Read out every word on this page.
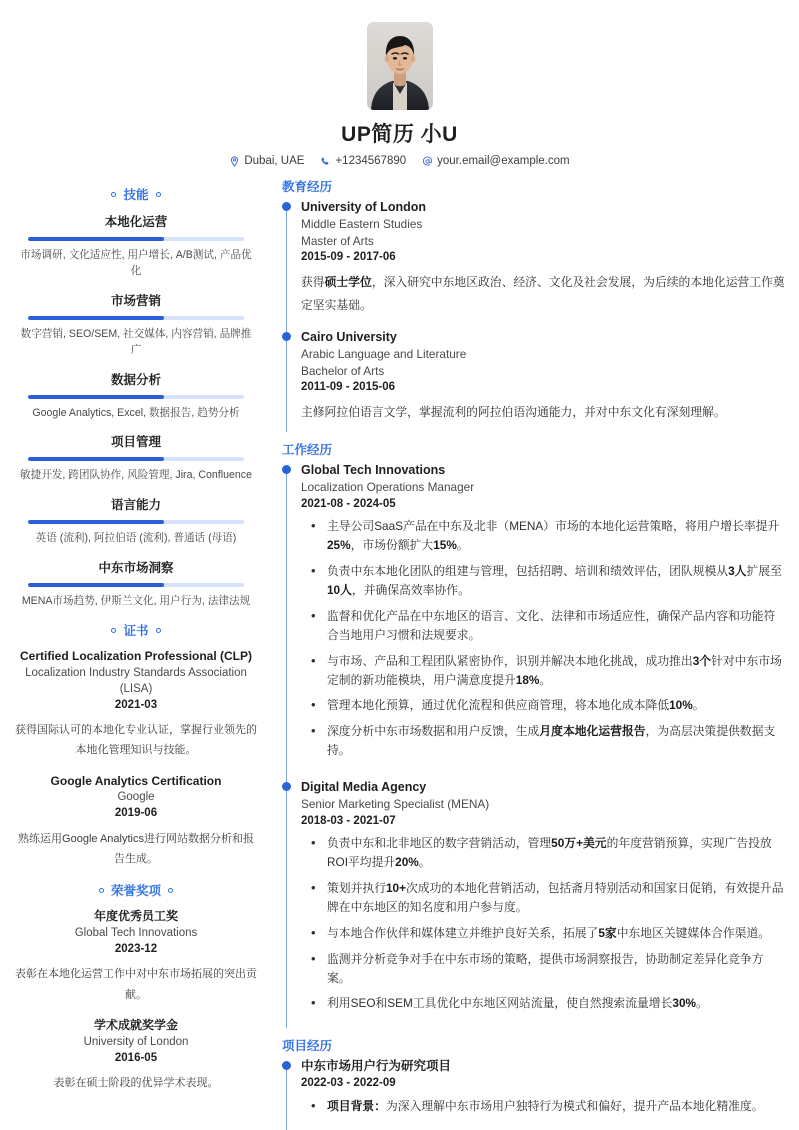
UP简历 小U
Dubai, UAE	+1234567890	your.email@example.com
技能
本地化运营
市场调研, 文化适应性, 用户增长, A/B测试, 产品优化
市场营销
数字营销, SEO/SEM, 社交媒体, 内容营销, 品牌推广
数据分析
Google Analytics, Excel, 数据报告, 趋势分析
项目管理
敏捷开发, 跨团队协作, 风险管理, Jira, Confluence
语言能力
英语 (流利), 阿拉伯语 (流利), 普通话 (母语)
中东市场洞察
MENA市场趋势, 伊斯兰文化, 用户行为, 法律法规
证书
Certified Localization Professional (CLP)
Localization Industry Standards Association (LISA)
2021-03
获得国际认可的本地化专业认证，掌握行业领先的本地化管理知识与技能。
Google Analytics Certification
Google
2019-06
熟练运用Google Analytics进行网站数据分析和报告生成。
荣誉奖项
年度优秀员工奖
Global Tech Innovations
2023-12
表彰在本地化运营工作中对中东市场拓展的突出贡献。
学术成就奖学金
University of London
2016-05
表彰在硕士阶段的优异学术表现。
教育经历
University of London
Middle Eastern Studies
Master of Arts
2015-09 - 2017-06
获得硕士学位，深入研究中东地区政治、经济、文化及社会发展，为后续的本地化运营工作奠定坚实基础。
Cairo University
Arabic Language and Literature
Bachelor of Arts
2011-09 - 2015-06
主修阿拉伯语言文学，掌握流利的阿拉伯语沟通能力，并对中东文化有深刻理解。
工作经历
Global Tech Innovations
Localization Operations Manager
2021-08 - 2024-05
• 主导公司SaaS产品在中东及北非（MENA）市场的本地化运营策略，将用户增长率提升25%，市场份额扩大15%。
• 负责中东本地化团队的组建与管理，包括招聘、培训和绩效评估，团队规模从3人扩展至10人，并确保高效率协作。
• 监督和优化产品在中东地区的语言、文化、法律和市场适应性，确保产品内容和功能符合当地用户习惯和法规要求。
• 与市场、产品和工程团队紧密协作，识别并解决本地化挑战，成功推出3个针对中东市场定制的新功能模块，用户满意度提升18%。
• 管理本地化预算，通过优化流程和供应商管理，将本地化成本降低10%。
• 深度分析中东市场数据和用户反馈，生成月度本地化运营报告，为高层决策提供数据支持。
Digital Media Agency
Senior Marketing Specialist (MENA)
2018-03 - 2021-07
• 负责中东和北非地区的数字营销活动，管理50万+美元的年度营销预算，实现广告投放ROI平均提升20%。
• 策划并执行10+次成功的本地化营销活动，包括斋月特别活动和国家日促销，有效提升品牌在中东地区的知名度和用户参与度。
• 与本地合作伙伴和媒体建立并维护良好关系，拓展了5家中东地区关键媒体合作渠道。
• 监测并分析竞争对手在中东市场的策略，提供市场洞察报告，协助制定差异化竞争方案。
• 利用SEO和SEM工具优化中东地区网站流量，使自然搜索流量增长30%。
项目经历
中东市场用户行为研究项目
2022-03 - 2022-09
• 项目背景：为深入理解中东市场用户独特行为模式和偏好，提升产品本地化精准度。
